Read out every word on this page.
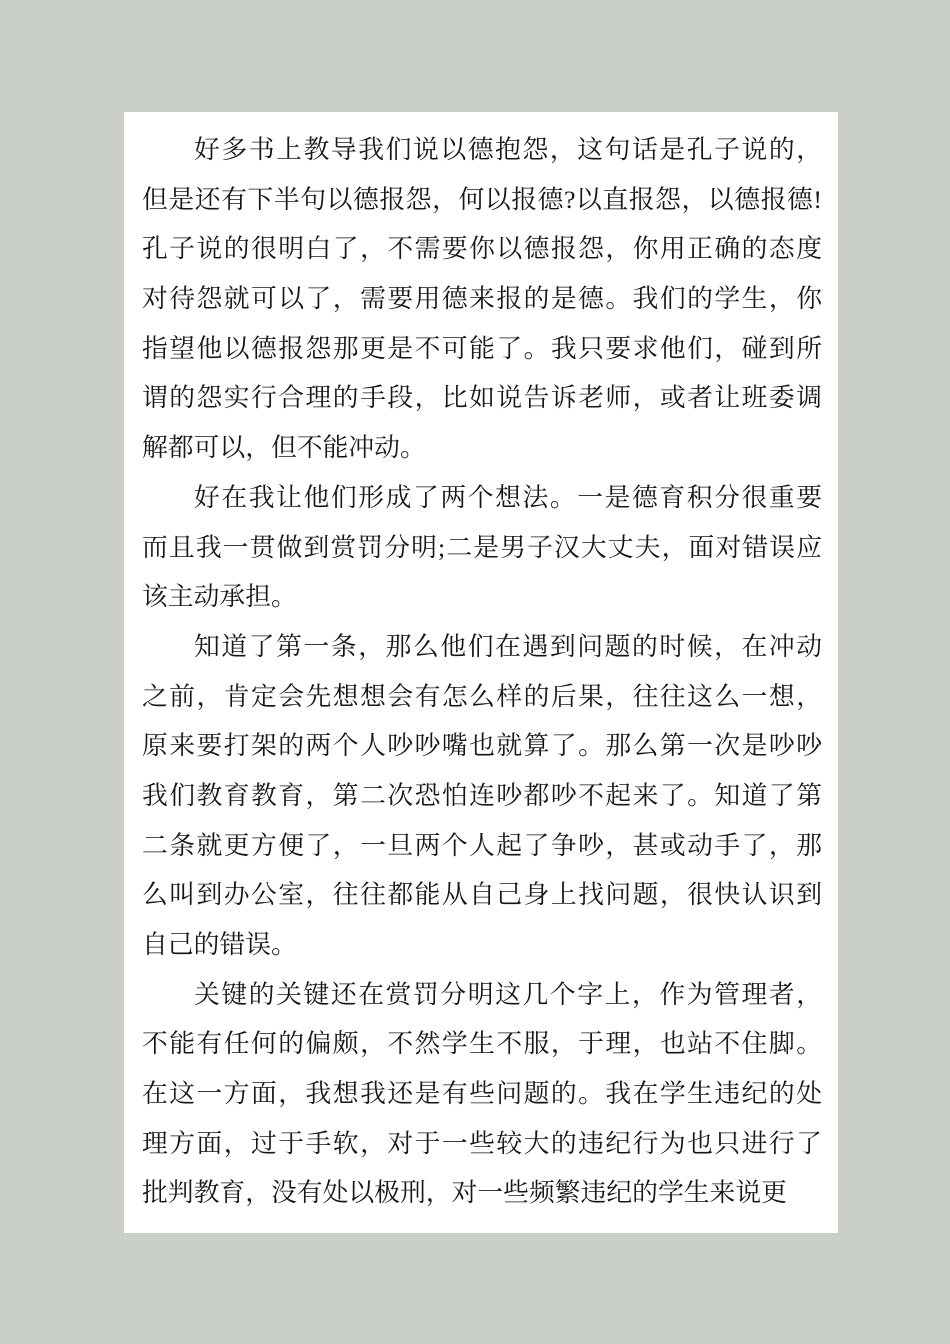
好多书上教导我们说以德抱怨，这句话是孔子说的，
但是还有下半句以德报怨，何以报德?以直报怨，以德报德!
孔子说的很明白了，不需要你以德报怨，你用正确的态度
对待怨就可以了，需要用德来报的是德。我们的学生，你
指望他以德报怨那更是不可能了。我只要求他们，碰到所
谓的怨实行合理的手段，比如说告诉老师，或者让班委调
解都可以，但不能冲动。
好在我让他们形成了两个想法。一是德育积分很重要
而且我一贯做到赏罚分明;二是男子汉大丈夫，面对错误应
该主动承担。
知道了第一条，那么他们在遇到问题的时候，在冲动
之前，肯定会先想想会有怎么样的后果，往往这么一想，
原来要打架的两个人吵吵嘴也就算了。那么第一次是吵吵
我们教育教育，第二次恐怕连吵都吵不起来了。知道了第
二条就更方便了，一旦两个人起了争吵，甚或动手了，那
么叫到办公室，往往都能从自己身上找问题，很快认识到
自己的错误。
关键的关键还在赏罚分明这几个字上，作为管理者，
不能有任何的偏颇，不然学生不服，于理，也站不住脚。
在这一方面，我想我还是有些问题的。我在学生违纪的处
理方面，过于手软，对于一些较大的违纪行为也只进行了
批判教育，没有处以极刑，对一些频繁违纪的学生来说更
